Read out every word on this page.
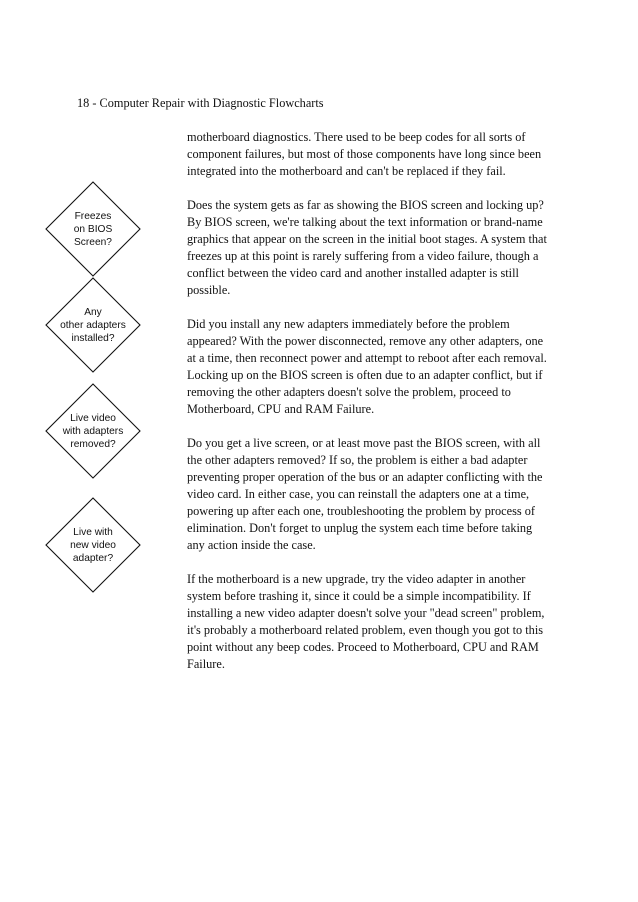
18 - Computer Repair with Diagnostic Flowcharts
Freezes
on BIOS
Screen?
Any
other adapters
installed?
Live video
with adapters
removed?
Live with
new video
adapter?

motherboard diagnostics. There used to be beep codes for all sorts of component failures, but most of those components have long since been integrated into the motherboard and can't be replaced if they fail.

Does the system gets as far as showing the BIOS screen and locking up? By BIOS screen, we're talking about the text information or brand-name graphics that appear on the screen in the initial boot stages. A system that freezes up at this point is rarely suffering from a video failure, though a conflict between the video card and another installed adapter is still possible.

Did you install any new adapters immediately before the problem appeared? With the power disconnected, remove any other adapters, one at a time, then reconnect power and attempt to reboot after each removal. Locking up on the BIOS screen is often due to an adapter conflict, but if removing the other adapters doesn't solve the problem, proceed to Motherboard, CPU and RAM Failure.

Do you get a live screen, or at least move past the BIOS screen, with all the other adapters removed? If so, the problem is either a bad adapter preventing proper operation of the bus or an adapter conflicting with the video card. In either case, you can reinstall the adapters one at a time, powering up after each one, troubleshooting the problem by process of elimination. Don't forget to unplug the system each time before taking any action inside the case.

If the motherboard is a new upgrade, try the video adapter in another system before trashing it, since it could be a simple incompatibility. If installing a new video adapter doesn't solve your "dead screen" problem, it's probably a motherboard related problem, even though you got to this point without any beep codes. Proceed to Motherboard, CPU and RAM Failure.
